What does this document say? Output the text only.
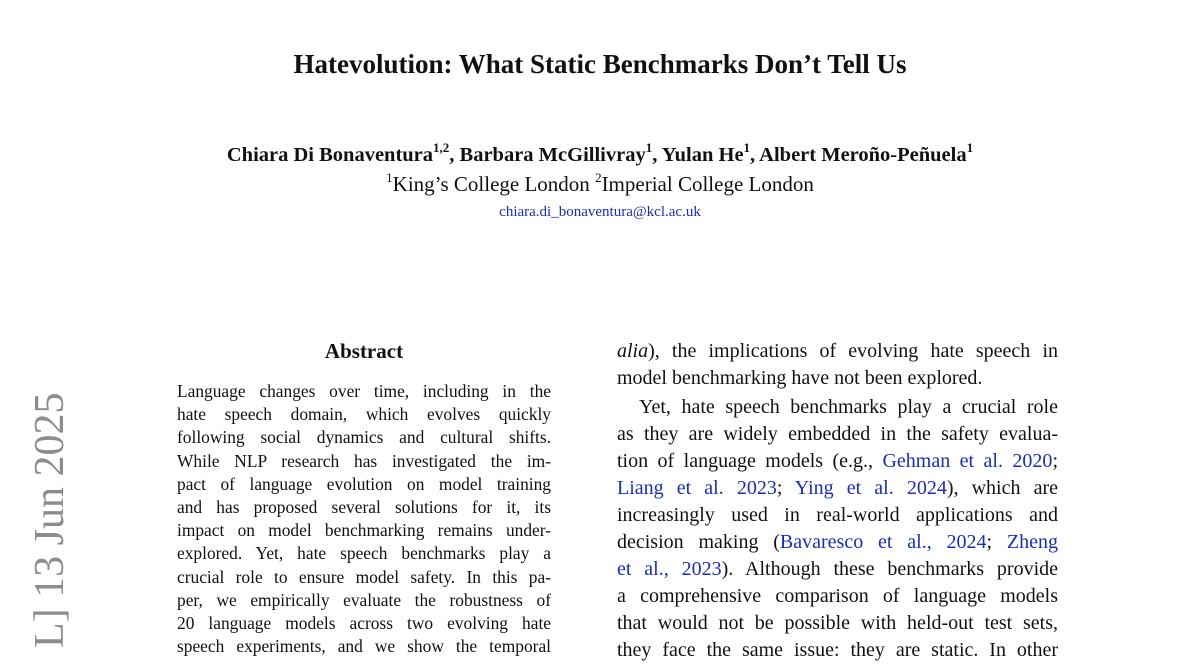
Hatevolution: What Static Benchmarks Don’t Tell Us
Chiara Di Bonaventura$^{1,2}$, Barbara McGillivray$^1$, Yulan He$^1$, Albert Meroño-Peñuela$^1$
$^1$King’s College London $^2$Imperial College London
chiara.di_bonaventura@kcl.ac.uk
L] 13 Jun 2025
Abstract
Language changes over time, including in the
hate speech domain, which evolves quickly
following social dynamics and cultural shifts.
While NLP research has investigated the im-
pact of language evolution on model training
and has proposed several solutions for it, its
impact on model benchmarking remains under-
explored. Yet, hate speech benchmarks play a
crucial role to ensure model safety. In this pa-
per, we empirically evaluate the robustness of
20 language models across two evolving hate
speech experiments, and we show the temporal
alia), the implications of evolving hate speech in
model benchmarking have not been explored.
Yet, hate speech benchmarks play a crucial role
as they are widely embedded in the safety evalua-
tion of language models (e.g., Gehman et al. 2020;
Liang et al. 2023; Ying et al. 2024), which are
increasingly used in real-world applications and
decision making (Bavaresco et al., 2024; Zheng
et al., 2023). Although these benchmarks provide
a comprehensive comparison of language models
that would not be possible with held-out test sets,
they face the same issue: they are static. In other
